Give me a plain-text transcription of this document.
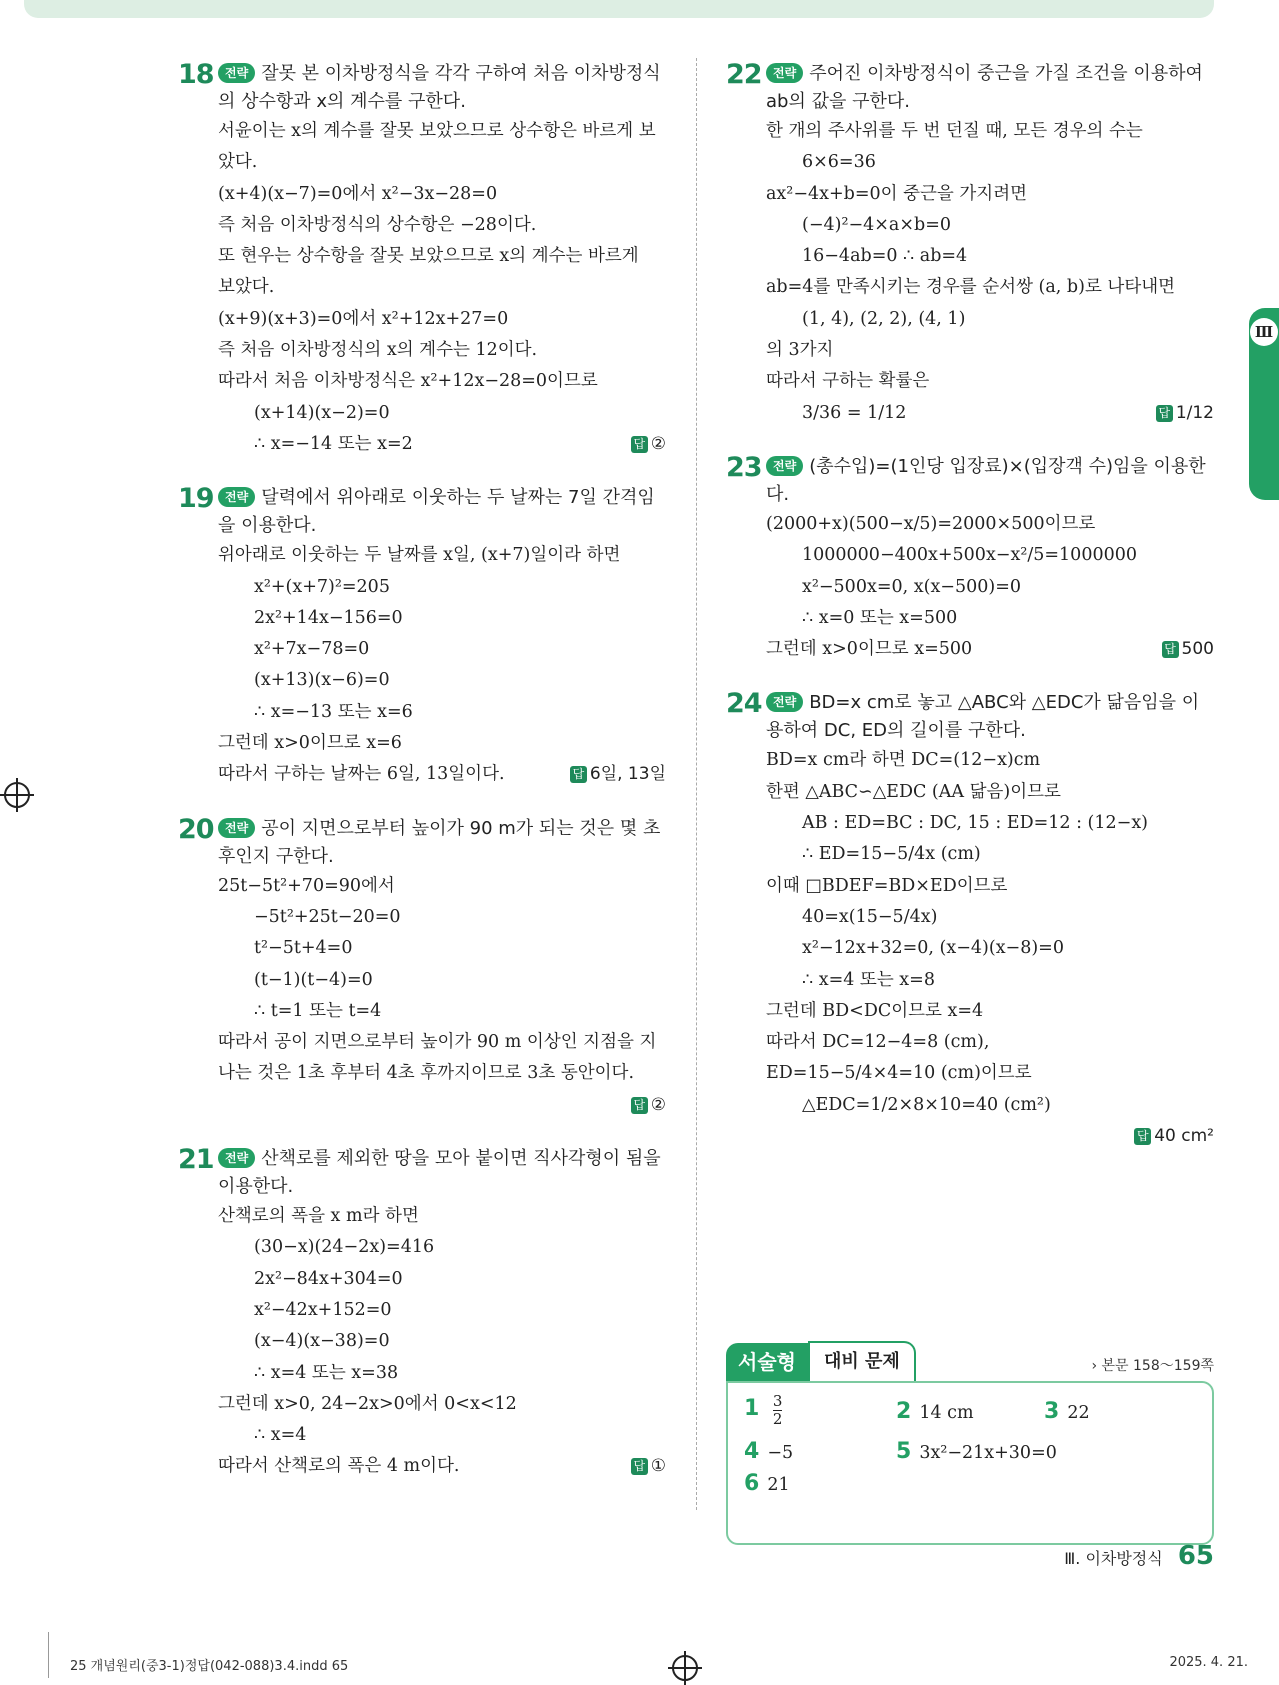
18 전략 잘못 본 이차방정식을 각각 구하여 처음 이차방정식의 상수항과 x의 계수를 구한다.
서윤이는 x의 계수를 잘못 보았으므로 상수항은 바르게 보
았다.
(x+4)(x−7)=0에서 x²−3x−28=0
즉 처음 이차방정식의 상수항은 −28이다.
또 현우는 상수항을 잘못 보았으므로 x의 계수는 바르게
보았다.
(x+9)(x+3)=0에서 x²+12x+27=0
즉 처음 이차방정식의 x의 계수는 12이다.
따라서 처음 이차방정식은 x²+12x−28=0이므로
(x+14)(x−2)=0
∴ x=−14 또는 x=2	답 ②
19 전략 달력에서 위아래로 이웃하는 두 날짜는 7일 간격임을 이용한다.
위아래로 이웃하는 두 날짜를 x일, (x+7)일이라 하면
x²+(x+7)²=205
2x²+14x−156=0
x²+7x−78=0
(x+13)(x−6)=0
∴ x=−13 또는 x=6
그런데 x>0이므로 x=6
따라서 구하는 날짜는 6일, 13일이다.	답 6일, 13일
20 전략 공이 지면으로부터 높이가 90 m가 되는 것은 몇 초 후인지 구한다.
25t−5t²+70=90에서
−5t²+25t−20=0
t²−5t+4=0
(t−1)(t−4)=0
∴ t=1 또는 t=4
따라서 공이 지면으로부터 높이가 90 m 이상인 지점을 지
나는 것은 1초 후부터 4초 후까지이므로 3초 동안이다.
답 ②
21 전략 산책로를 제외한 땅을 모아 붙이면 직사각형이 됨을 이용한다.
산책로의 폭을 x m라 하면
(30−x)(24−2x)=416
2x²−84x+304=0
x²−42x+152=0
(x−4)(x−38)=0
∴ x=4 또는 x=38
그런데 x>0, 24−2x>0에서 0<x<12
∴ x=4
따라서 산책로의 폭은 4 m이다.	답 ①
22 전략 주어진 이차방정식이 중근을 가질 조건을 이용하여 ab의 값을 구한다.
한 개의 주사위를 두 번 던질 때, 모든 경우의 수는
6×6=36
ax²−4x+b=0이 중근을 가지려면
(−4)²−4×a×b=0
16−4ab=0 ∴ ab=4
ab=4를 만족시키는 경우를 순서쌍 (a, b)로 나타내면
(1, 4), (2, 2), (4, 1)
의 3가지
따라서 구하는 확률은
3/36 = 1/12	답 1/12
23 전략 (총수입)=(1인당 입장료)×(입장객 수)임을 이용한다.
(2000+x)(500−x/5)=2000×500이므로
1000000−400x+500x−x²/5=1000000
x²−500x=0, x(x−500)=0
∴ x=0 또는 x=500
그런데 x>0이므로 x=500	답 500
24 전략 BD=x cm로 놓고 △ABC와 △EDC가 닮음임을 이용하여 DC, ED의 길이를 구한다.
BD=x cm라 하면 DC=(12−x)cm
한편 △ABC∽△EDC (AA 닮음)이므로
AB : ED=BC : DC, 15 : ED=12 : (12−x)
∴ ED=15−5/4x (cm)
이때 □BDEF=BD×ED이므로
40=x(15−5/4x)
x²−12x+32=0, (x−4)(x−8)=0
∴ x=4 또는 x=8
그런데 BD<DC이므로 x=4
따라서 DC=12−4=8 (cm),
ED=15−5/4×4=10 (cm)이므로
△EDC=1/2×8×10=40 (cm²)
답 40 cm²
Ⅲ
서술형	대비 문제	› 본문 158～159쪽
$1 \frac{3}{2}$	2 14 cm	3 22
4 −5	5 3x²−21x+30=0
6 21
Ⅲ. 이차방정식 65
25 개념원리(중3-1)정답(042-088)3.4.indd 65	2025. 4. 21.
